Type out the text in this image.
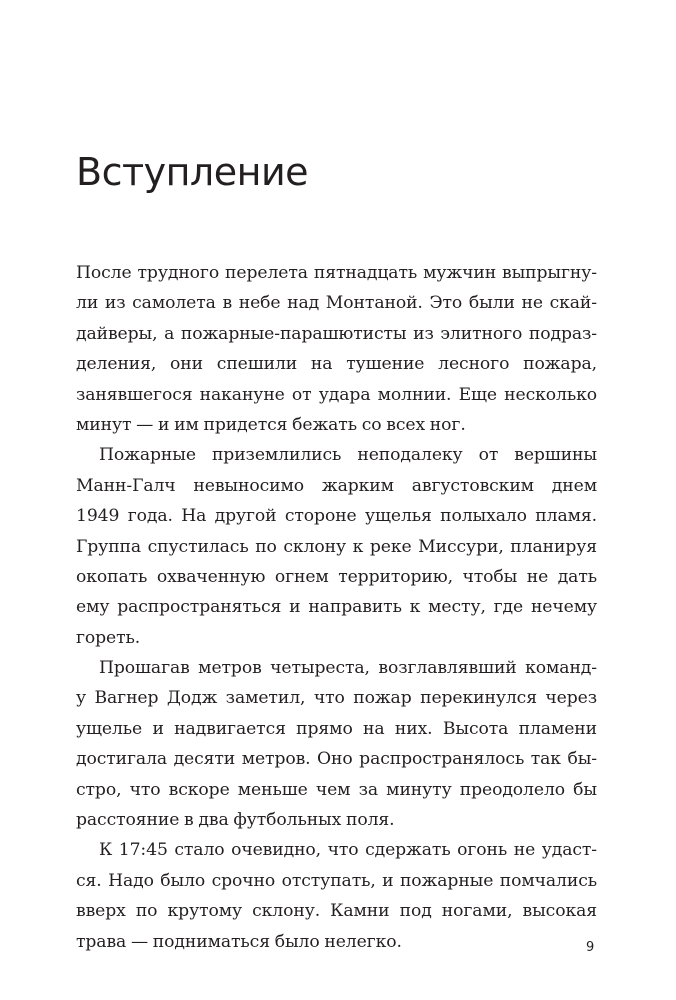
Вступление
После трудного перелета пятнадцать мужчин выпрыгну-
ли из самолета в небе над Монтаной. Это были не скай-
дайверы, а пожарные-парашютисты из элитного подраз-
деления, они спешили на тушение лесного пожара,
занявшегося накануне от удара молнии. Еще несколько
минут — и им придется бежать со всех ног.
Пожарные приземлились неподалеку от вершины
Манн-Галч невыносимо жарким августовским днем
1949 года. На другой стороне ущелья полыхало пламя.
Группа спустилась по склону к реке Миссури, планируя
окопать охваченную огнем территорию, чтобы не дать
ему распространяться и направить к месту, где нечему
гореть.
Прошагав метров четыреста, возглавлявший команд-
у Вагнер Додж заметил, что пожар перекинулся через
ущелье и надвигается прямо на них. Высота пламени
достигала десяти метров. Оно распространялось так бы-
стро, что вскоре меньше чем за минуту преодолело бы
расстояние в два футбольных поля.
К 17:45 стало очевидно, что сдержать огонь не удаст-
ся. Надо было срочно отступать, и пожарные помчались
вверх по крутому склону. Камни под ногами, высокая
трава — подниматься было нелегко.	9
